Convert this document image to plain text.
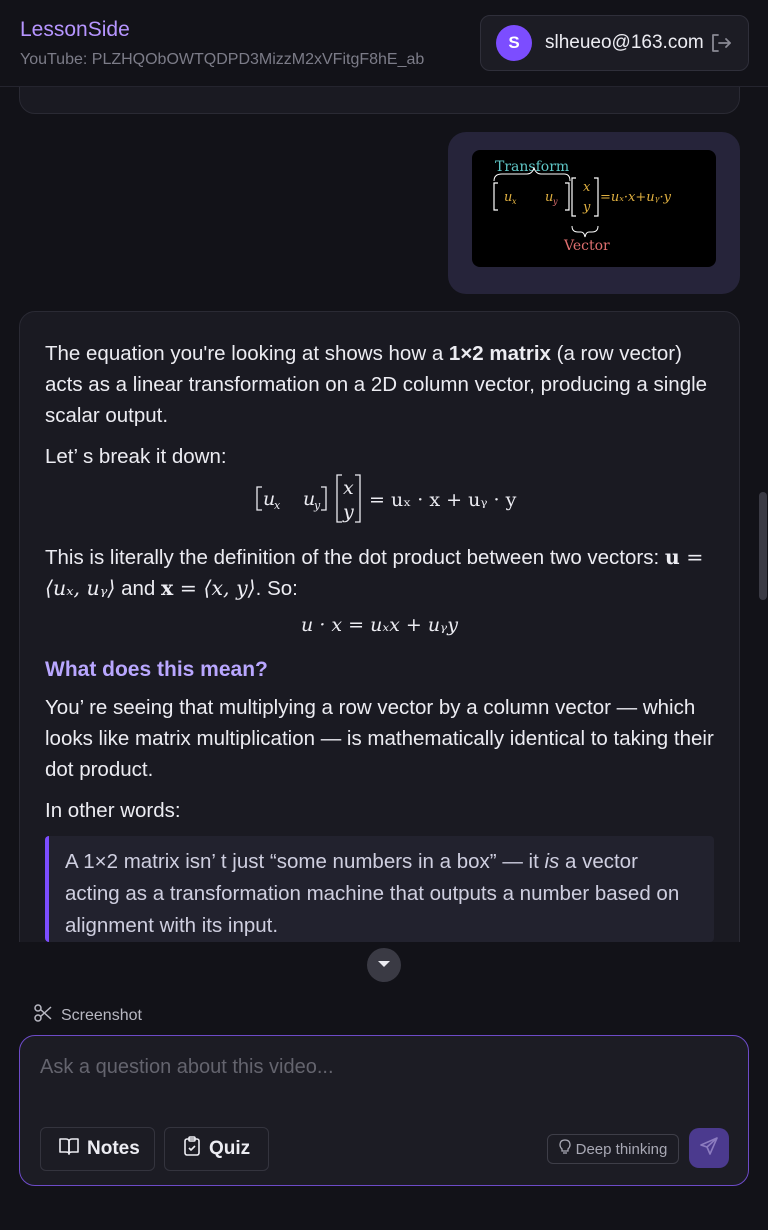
LessonSide
YouTube: PLZHQObOWTQDPD3MizzM2xVFitgF8hE_ab
S	slheueo@163.com
Transform
u x u y
x
y
=uₓ·x+uᵧ·y
Vector

The equation you're looking at shows how a 1×2 matrix (a row vector) acts as a linear transformation on a 2D column vector, producing a single scalar output.

Let’ s break it down:

u
x u
y
x
y
= uₓ · x + uᵧ · y

This is literally the definition of the dot product between two vectors: u = ⟨uₓ, uᵧ⟩ and x = ⟨x, y⟩. So:

u · x = uₓx + uᵧy
What does this mean?

You’ re seeing that multiplying a row vector by a column vector — which looks like matrix multiplication — is mathematically identical to taking their dot product.

In other words:

A 1×2 matrix isn’ t just “some numbers in a box” — it is a vector acting as a transformation machine that outputs a number based on alignment with its input.
Screenshot
Ask a question about this video...
Notes	Quiz	Deep thinking
